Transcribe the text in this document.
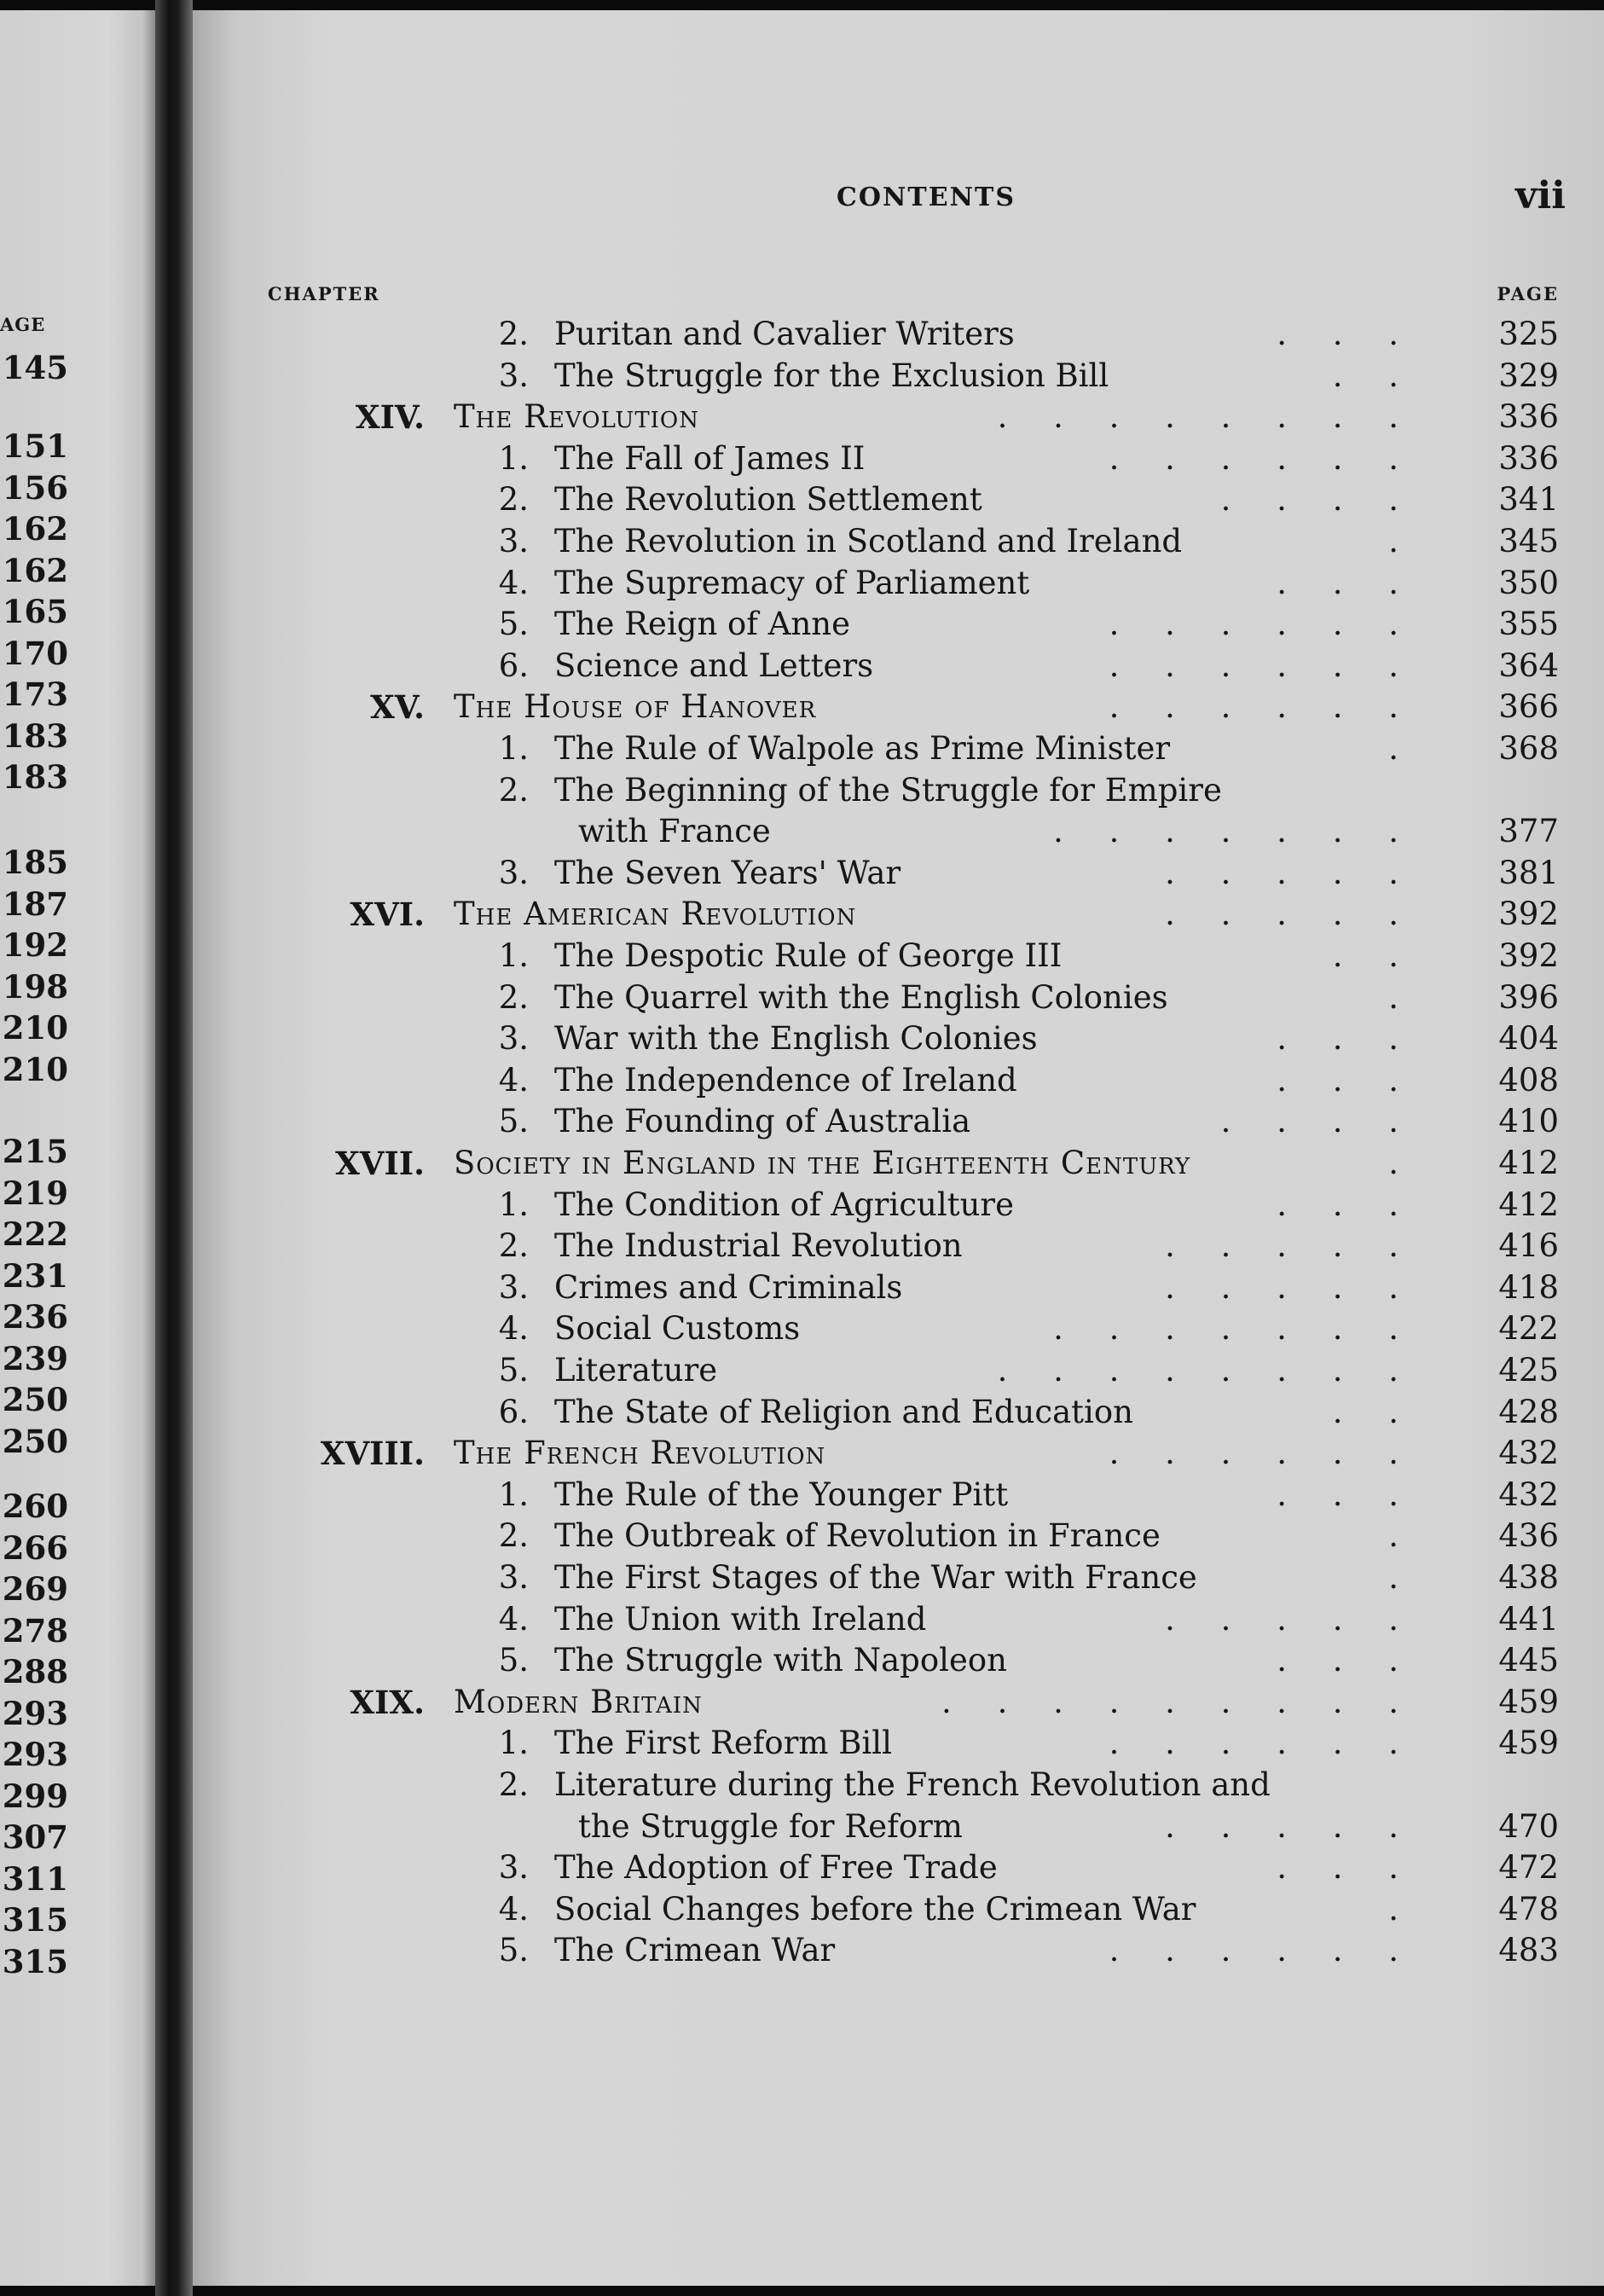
AGE
145
151
156
162
162
165
170
173
183
183
185
187
192
198
210
210
215
219
222
231
236
239
250
250
260
266
269
278
288
293
293
299
307
311
315
315
CONTENTS	vii
CHAPTER	PAGE
2. Puritan and Cavalier Writers	. . .	325
3. The Struggle for the Exclusion Bill	. .	329
XIV. The Revolution	. . . . . . . .	336
1. The Fall of James II	. . . . . .	336
2. The Revolution Settlement	. . . .	341
3. The Revolution in Scotland and Ireland	.	345
4. The Supremacy of Parliament	. . .	350
5. The Reign of Anne	. . . . . .	355
6. Science and Letters	. . . . . .	364
XV. The House of Hanover	. . . . . .	366
1. The Rule of Walpole as Prime Minister	.	368
2. The Beginning of the Struggle for Empire
with France	. . . . . . .	377
3. The Seven Years' War	. . . . .	381
XVI. The American Revolution	. . . . .	392
1. The Despotic Rule of George III	. .	392
2. The Quarrel with the English Colonies	.	396
3. War with the English Colonies	. . .	404
4. The Independence of Ireland	. . .	408
5. The Founding of Australia	. . . .	410
XVII. Society in England in the Eighteenth Century	.	412
1. The Condition of Agriculture	. . .	412
2. The Industrial Revolution	. . . . .	416
3. Crimes and Criminals	. . . . .	418
4. Social Customs	. . . . . . .	422
5. Literature	. . . . . . . .	425
6. The State of Religion and Education	. .	428
XVIII. The French Revolution	. . . . . .	432
1. The Rule of the Younger Pitt	. . .	432
2. The Outbreak of Revolution in France	.	436
3. The First Stages of the War with France	.	438
4. The Union with Ireland	. . . . .	441
5. The Struggle with Napoleon	. . .	445
XIX. Modern Britain	. . . . . . . . .	459
1. The First Reform Bill	. . . . . .	459
2. Literature during the French Revolution and
the Struggle for Reform	. . . . .	470
3. The Adoption of Free Trade	. . .	472
4. Social Changes before the Crimean War	.	478
5. The Crimean War	. . . . . .	483
